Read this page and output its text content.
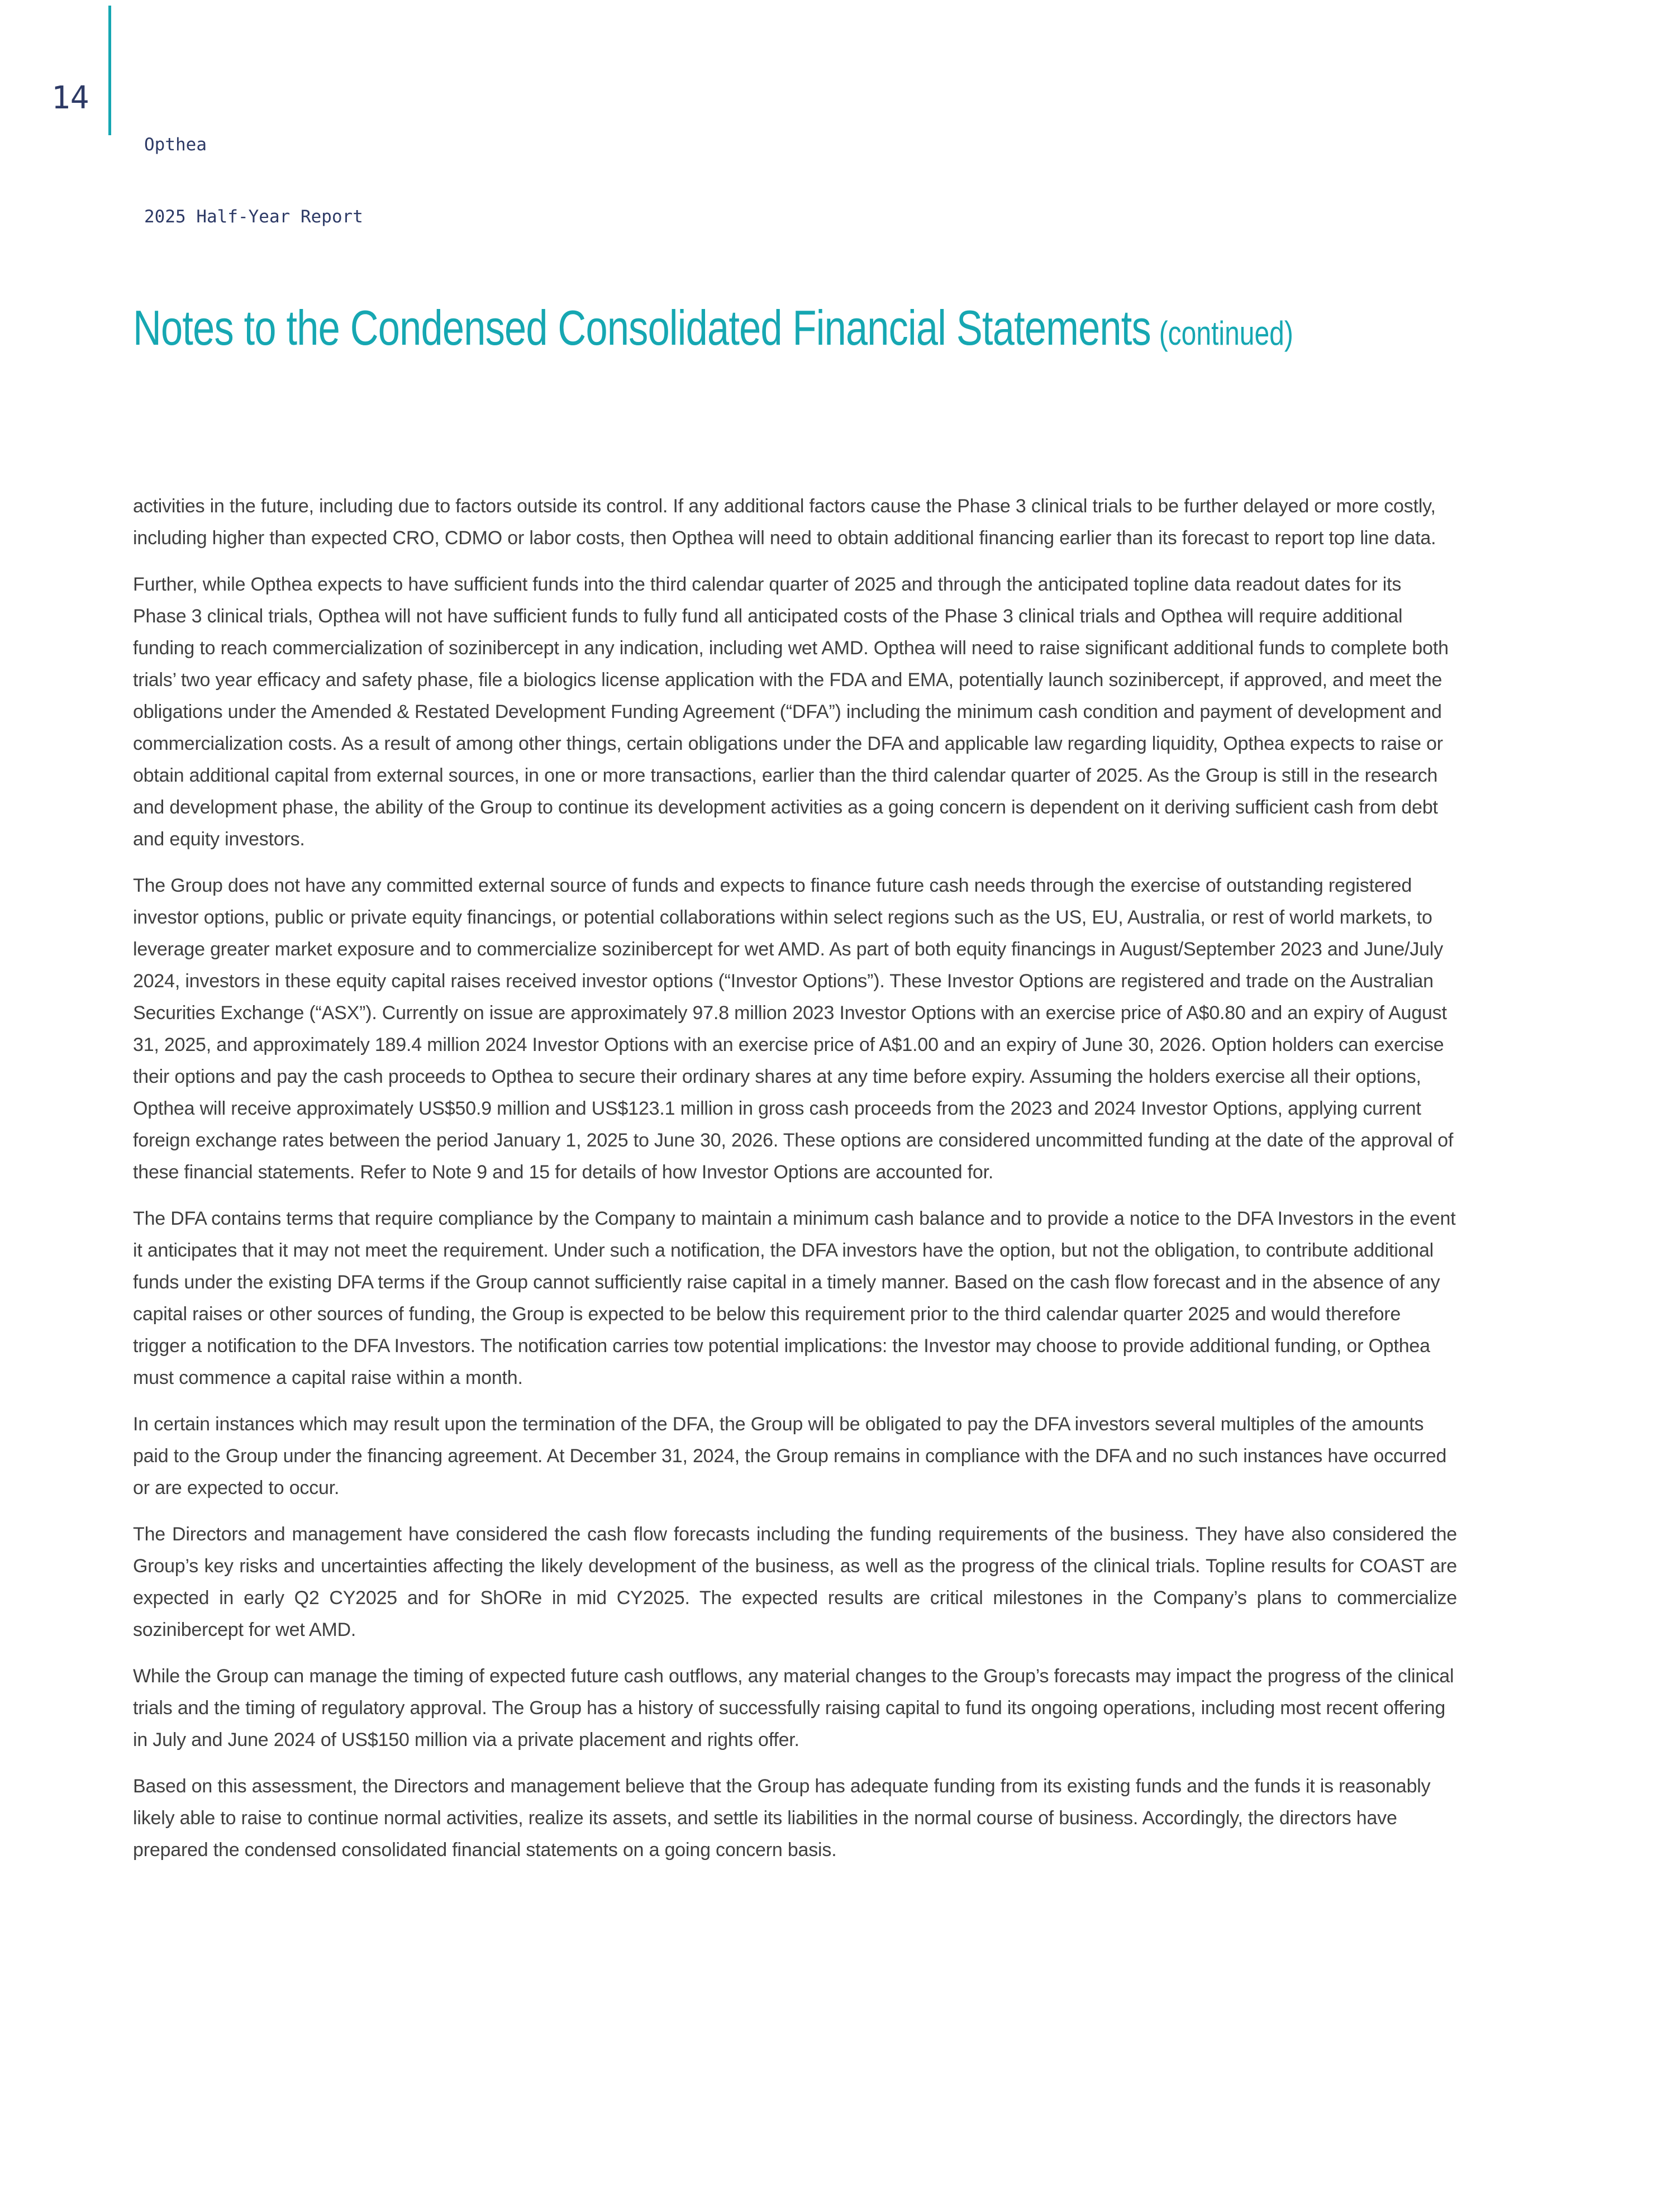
14

Opthea

2025 Half-Year Report

Notes to the Condensed Consolidated Financial Statements (continued)

activities in the future, including due to factors outside its control. If any additional factors cause the Phase 3 clinical trials to be further delayed or more costly, including higher than expected CRO, CDMO or labor costs, then Opthea will need to obtain additional financing earlier than its forecast to report top line data.

Further, while Opthea expects to have sufficient funds into the third calendar quarter of 2025 and through the anticipated topline data readout dates for its Phase 3 clinical trials, Opthea will not have sufficient funds to fully fund all anticipated costs of the Phase 3 clinical trials and Opthea will require additional funding to reach commercialization of sozinibercept in any indication, including wet AMD. Opthea will need to raise significant additional funds to complete both trials’ two year efficacy and safety phase, file a biologics license application with the FDA and EMA, potentially launch sozinibercept, if approved, and meet the obligations under the Amended & Restated Development Funding Agreement (“DFA”) including the minimum cash condition and payment of development and commercialization costs. As a result of among other things, certain obligations under the DFA and applicable law regarding liquidity, Opthea expects to raise or obtain additional capital from external sources, in one or more transactions, earlier than the third calendar quarter of 2025. As the Group is still in the research and development phase, the ability of the Group to continue its development activities as a going concern is dependent on it deriving sufficient cash from debt and equity investors.

The Group does not have any committed external source of funds and expects to finance future cash needs through the exercise of outstanding registered investor options, public or private equity financings, or potential collaborations within select regions such as the US, EU, Australia, or rest of world markets, to leverage greater market exposure and to commercialize sozinibercept for wet AMD. As part of both equity financings in August/September 2023 and June/July 2024, investors in these equity capital raises received investor options (“Investor Options”). These Investor Options are registered and trade on the Australian Securities Exchange (“ASX”). Currently on issue are approximately 97.8 million 2023 Investor Options with an exercise price of A$0.80 and an expiry of August 31, 2025, and approximately 189.4 million 2024 Investor Options with an exercise price of A$1.00 and an expiry of June 30, 2026. Option holders can exercise their options and pay the cash proceeds to Opthea to secure their ordinary shares at any time before expiry. Assuming the holders exercise all their options, Opthea will receive approximately US$50.9 million and US$123.1 million in gross cash proceeds from the 2023 and 2024 Investor Options, applying current foreign exchange rates between the period January 1, 2025 to June 30, 2026. These options are considered uncommitted funding at the date of the approval of these financial statements. Refer to Note 9 and 15 for details of how Investor Options are accounted for.

The DFA contains terms that require compliance by the Company to maintain a minimum cash balance and to provide a notice to the DFA Investors in the event it anticipates that it may not meet the requirement. Under such a notification, the DFA investors have the option, but not the obligation, to contribute additional funds under the existing DFA terms if the Group cannot sufficiently raise capital in a timely manner. Based on the cash flow forecast and in the absence of any capital raises or other sources of funding, the Group is expected to be below this requirement prior to the third calendar quarter 2025 and would therefore trigger a notification to the DFA Investors. The notification carries tow potential implications: the Investor may choose to provide additional funding, or Opthea must commence a capital raise within a month.

In certain instances which may result upon the termination of the DFA, the Group will be obligated to pay the DFA investors several multiples of the amounts paid to the Group under the financing agreement. At December 31, 2024, the Group remains in compliance with the DFA and no such instances have occurred or are expected to occur.

The Directors and management have considered the cash flow forecasts including the funding requirements of the business. They have also considered the Group’s key risks and uncertainties affecting the likely development of the business, as well as the progress of the clinical trials. Topline results for COAST are expected in early Q2 CY2025 and for ShORe in mid CY2025. The expected results are critical milestones in the Company’s plans to commercialize sozinibercept for wet AMD.

While the Group can manage the timing of expected future cash outflows, any material changes to the Group’s forecasts may impact the progress of the clinical trials and the timing of regulatory approval. The Group has a history of successfully raising capital to fund its ongoing operations, including most recent offering in July and June 2024 of US$150 million via a private placement and rights offer.

Based on this assessment, the Directors and management believe that the Group has adequate funding from its existing funds and the funds it is reasonably likely able to raise to continue normal activities, realize its assets, and settle its liabilities in the normal course of business. Accordingly, the directors have prepared the condensed consolidated financial statements on a going concern basis.
